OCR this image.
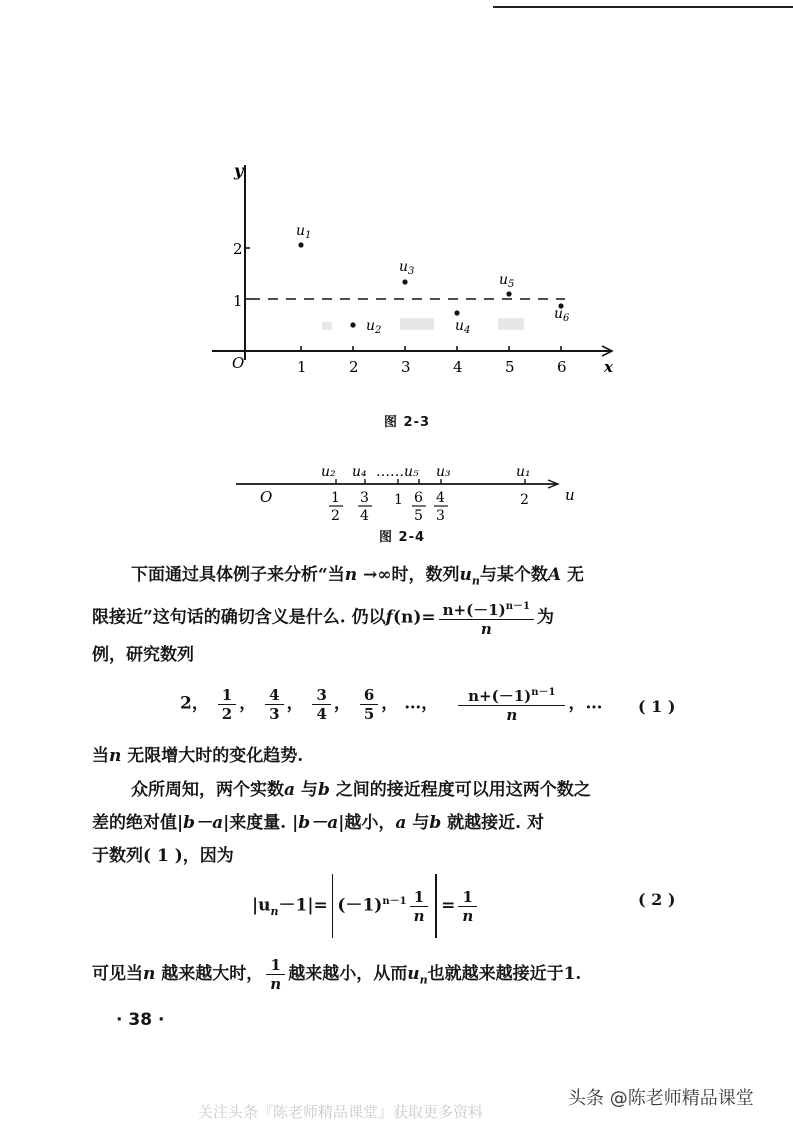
2
1
y
O	1	2	3	4	5	6 x
$u_1$
$u_2$
$u_3$
$u_4$
$u_5$
$u_6$
图 2-3
O	u
u₂ u₄ ……u₅ u₃	u₁
1
2
3
4
1 6
5
4
3
2
图 2-4
下面通过具体例子来分析“当n →∞时，数列$u_n$与某个数A 无
限接近”这句话的确切含义是什么. 仍以$f(n)= \frac{n+(-1)^{n-1}}{n}$ 为
例，研究数列
2， $\frac{1}{2}$ ， $\frac{4}{3}$ ， $\frac{3}{4}$ ， $\frac{6}{5}$ ， …， $\frac{n+(-1)^{n-1}}{n}$ ，… ( 1 )
当n 无限增大时的变化趋势.
众所周知，两个实数a 与b 之间的接近程度可以用这两个数之
差的绝对值|b－a|来度量. |b－a|越小，a 与b 就越接近. 对
于数列( 1 )，因为
$|u_n-1|= (-1)^{n-1} \frac{1}{n} = \frac{1}{n}$	( 2 )
可见当n 越来越大时， $\frac{1}{n}$ 越来越小，从而$u_n$也就越来越接近于1.
· 38 ·
头条 @陈老师精品课堂
关注头条『陈老师精品课堂』获取更多资料
